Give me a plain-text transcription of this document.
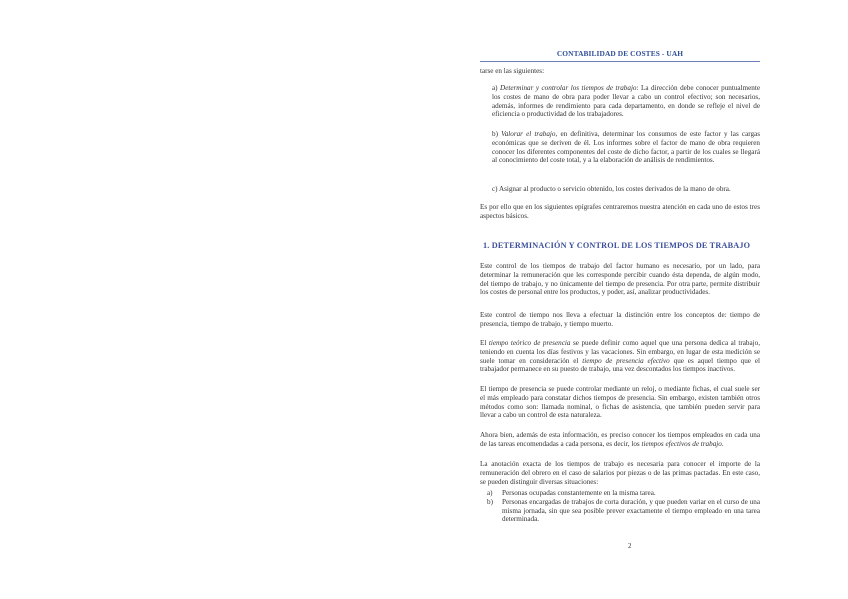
CONTABILIDAD DE COSTES - UAH

tarse en las siguientes:

a) Determinar y controlar los tiempos de trabajo: La dirección debe conocer puntualmente los costes de mano de obra para poder llevar a cabo un control efectivo; son necesarios, además, informes de rendimiento para cada departamento, en donde se refleje el nivel de eficiencia o productividad de los trabajadores.

b) Valorar el trabajo, en definitiva, determinar los consumos de este factor y las cargas económicas que se deriven de él. Los informes sobre el factor de mano de obra requieren conocer los diferentes componentes del coste de dicho factor, a partir de los cuales se llegará al conocimiento del coste total, y a la elaboración de análisis de rendimientos.

c) Asignar al producto o servicio obtenido, los costes derivados de la mano de obra.

Es por ello que en los siguientes epígrafes centraremos nuestra atención en cada uno de estos tres aspectos básicos.

1. DETERMINACIÓN Y CONTROL DE LOS TIEMPOS DE TRABAJO

Este control de los tiempos de trabajo del factor humano es necesario, por un lado, para determinar la remuneración que les corresponde percibir cuando ésta dependa, de algún modo, del tiempo de trabajo, y no únicamente del tiempo de presencia. Por otra parte, permite distribuir los costes de personal entre los productos, y poder, así, analizar productividades.

Este control de tiempo nos lleva a efectuar la distinción entre los conceptos de: tiempo de presencia, tiempo de trabajo, y tiempo muerto.

El tiempo teórico de presencia se puede definir como aquel que una persona dedica al trabajo, teniendo en cuenta los días festivos y las vacaciones. Sin embargo, en lugar de esta medición se suele tomar en consideración el tiempo de presencia efectivo que es aquel tiempo que el trabajador permanece en su puesto de trabajo, una vez descontados los tiempos inactivos.

El tiempo de presencia se puede controlar mediante un reloj, o mediante fichas, el cual suele ser el más empleado para constatar dichos tiempos de presencia. Sin embargo, existen también otros métodos como son: llamada nominal, o fichas de asistencia, que también pueden servir para llevar a cabo un control de esta naturaleza.

Ahora bien, además de esta información, es preciso conocer los tiempos empleados en cada una de las tareas encomendadas a cada persona, es decir, los tiempos efectivos de trabajo.

La anotación exacta de los tiempos de trabajo es necesaria para conocer el importe de la remuneración del obrero en el caso de salarios por piezas o de las primas pactadas. En este caso, se pueden distinguir diversas situaciones:

a)	Personas ocupadas constantemente en la misma tarea.
b)	Personas encargadas de trabajos de corta duración, y que pueden variar en el curso de una misma jornada, sin que sea posible prever exactamente el tiempo empleado en una tarea determinada.
2
